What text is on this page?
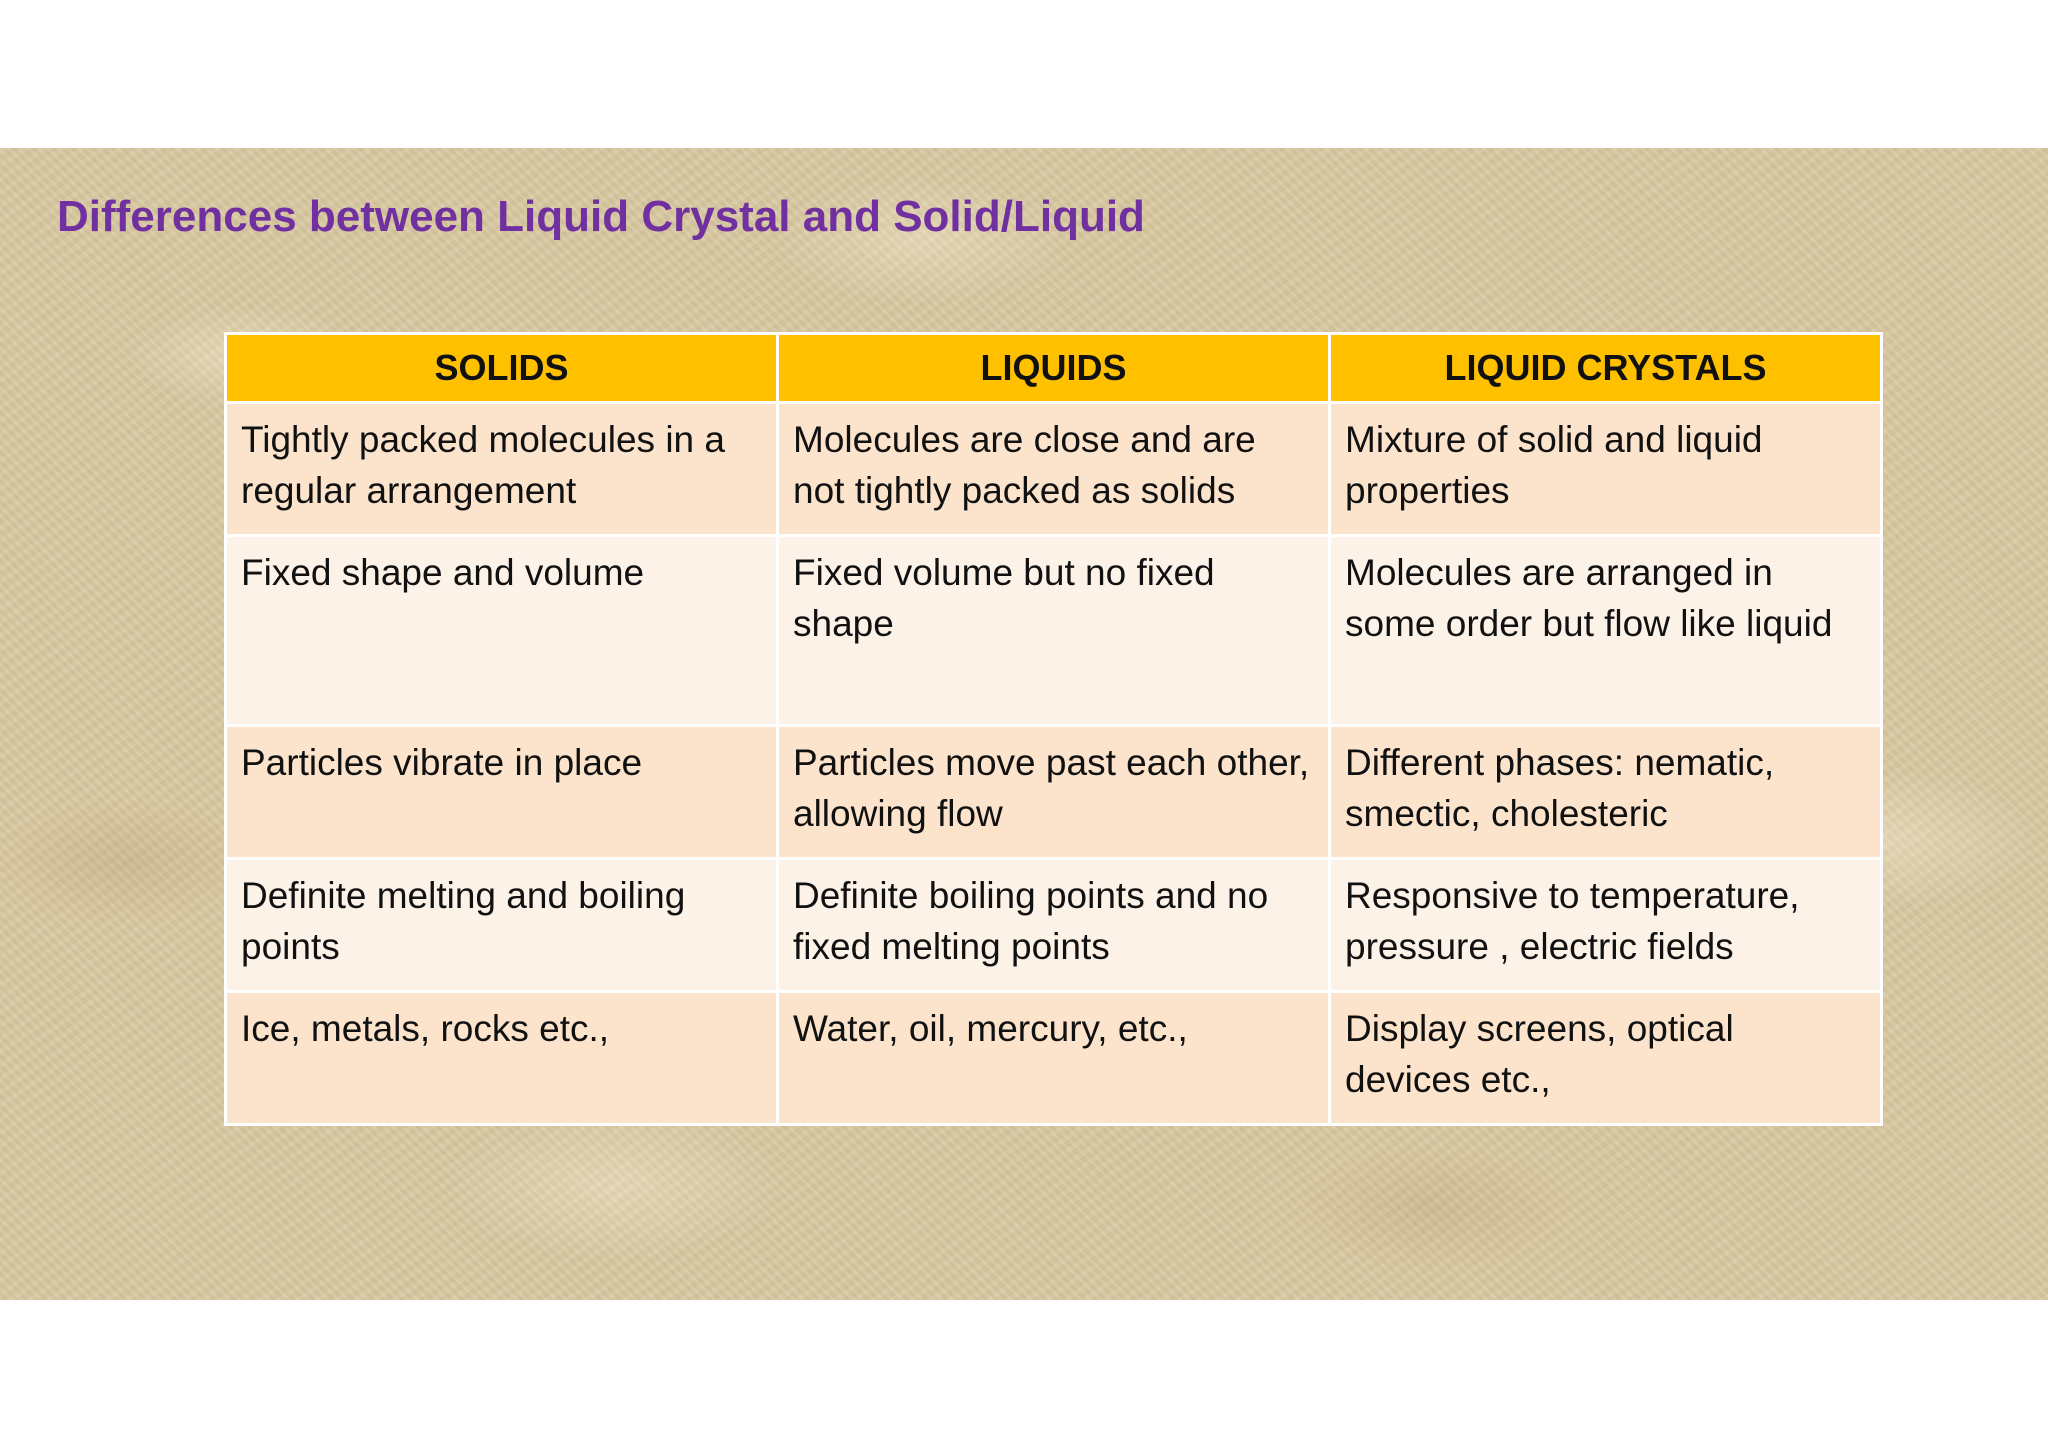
Differences between Liquid Crystal and Solid/Liquid
SOLIDS	LIQUIDS	LIQUID CRYSTALS
Tightly packed molecules in a regular arrangement	Molecules are close and are not tightly packed as solids	Mixture of solid and liquid properties
Fixed shape and volume	Fixed volume but no fixed shape	Molecules are arranged in some order but flow like liquid
Particles vibrate in place	Particles move past each other, allowing flow	Different phases: nematic, smectic, cholesteric
Definite melting and boiling points	Definite boiling points and no fixed melting points	Responsive to temperature, pressure , electric fields
Ice, metals, rocks etc.,	Water, oil, mercury, etc.,	Display screens, optical devices etc.,
